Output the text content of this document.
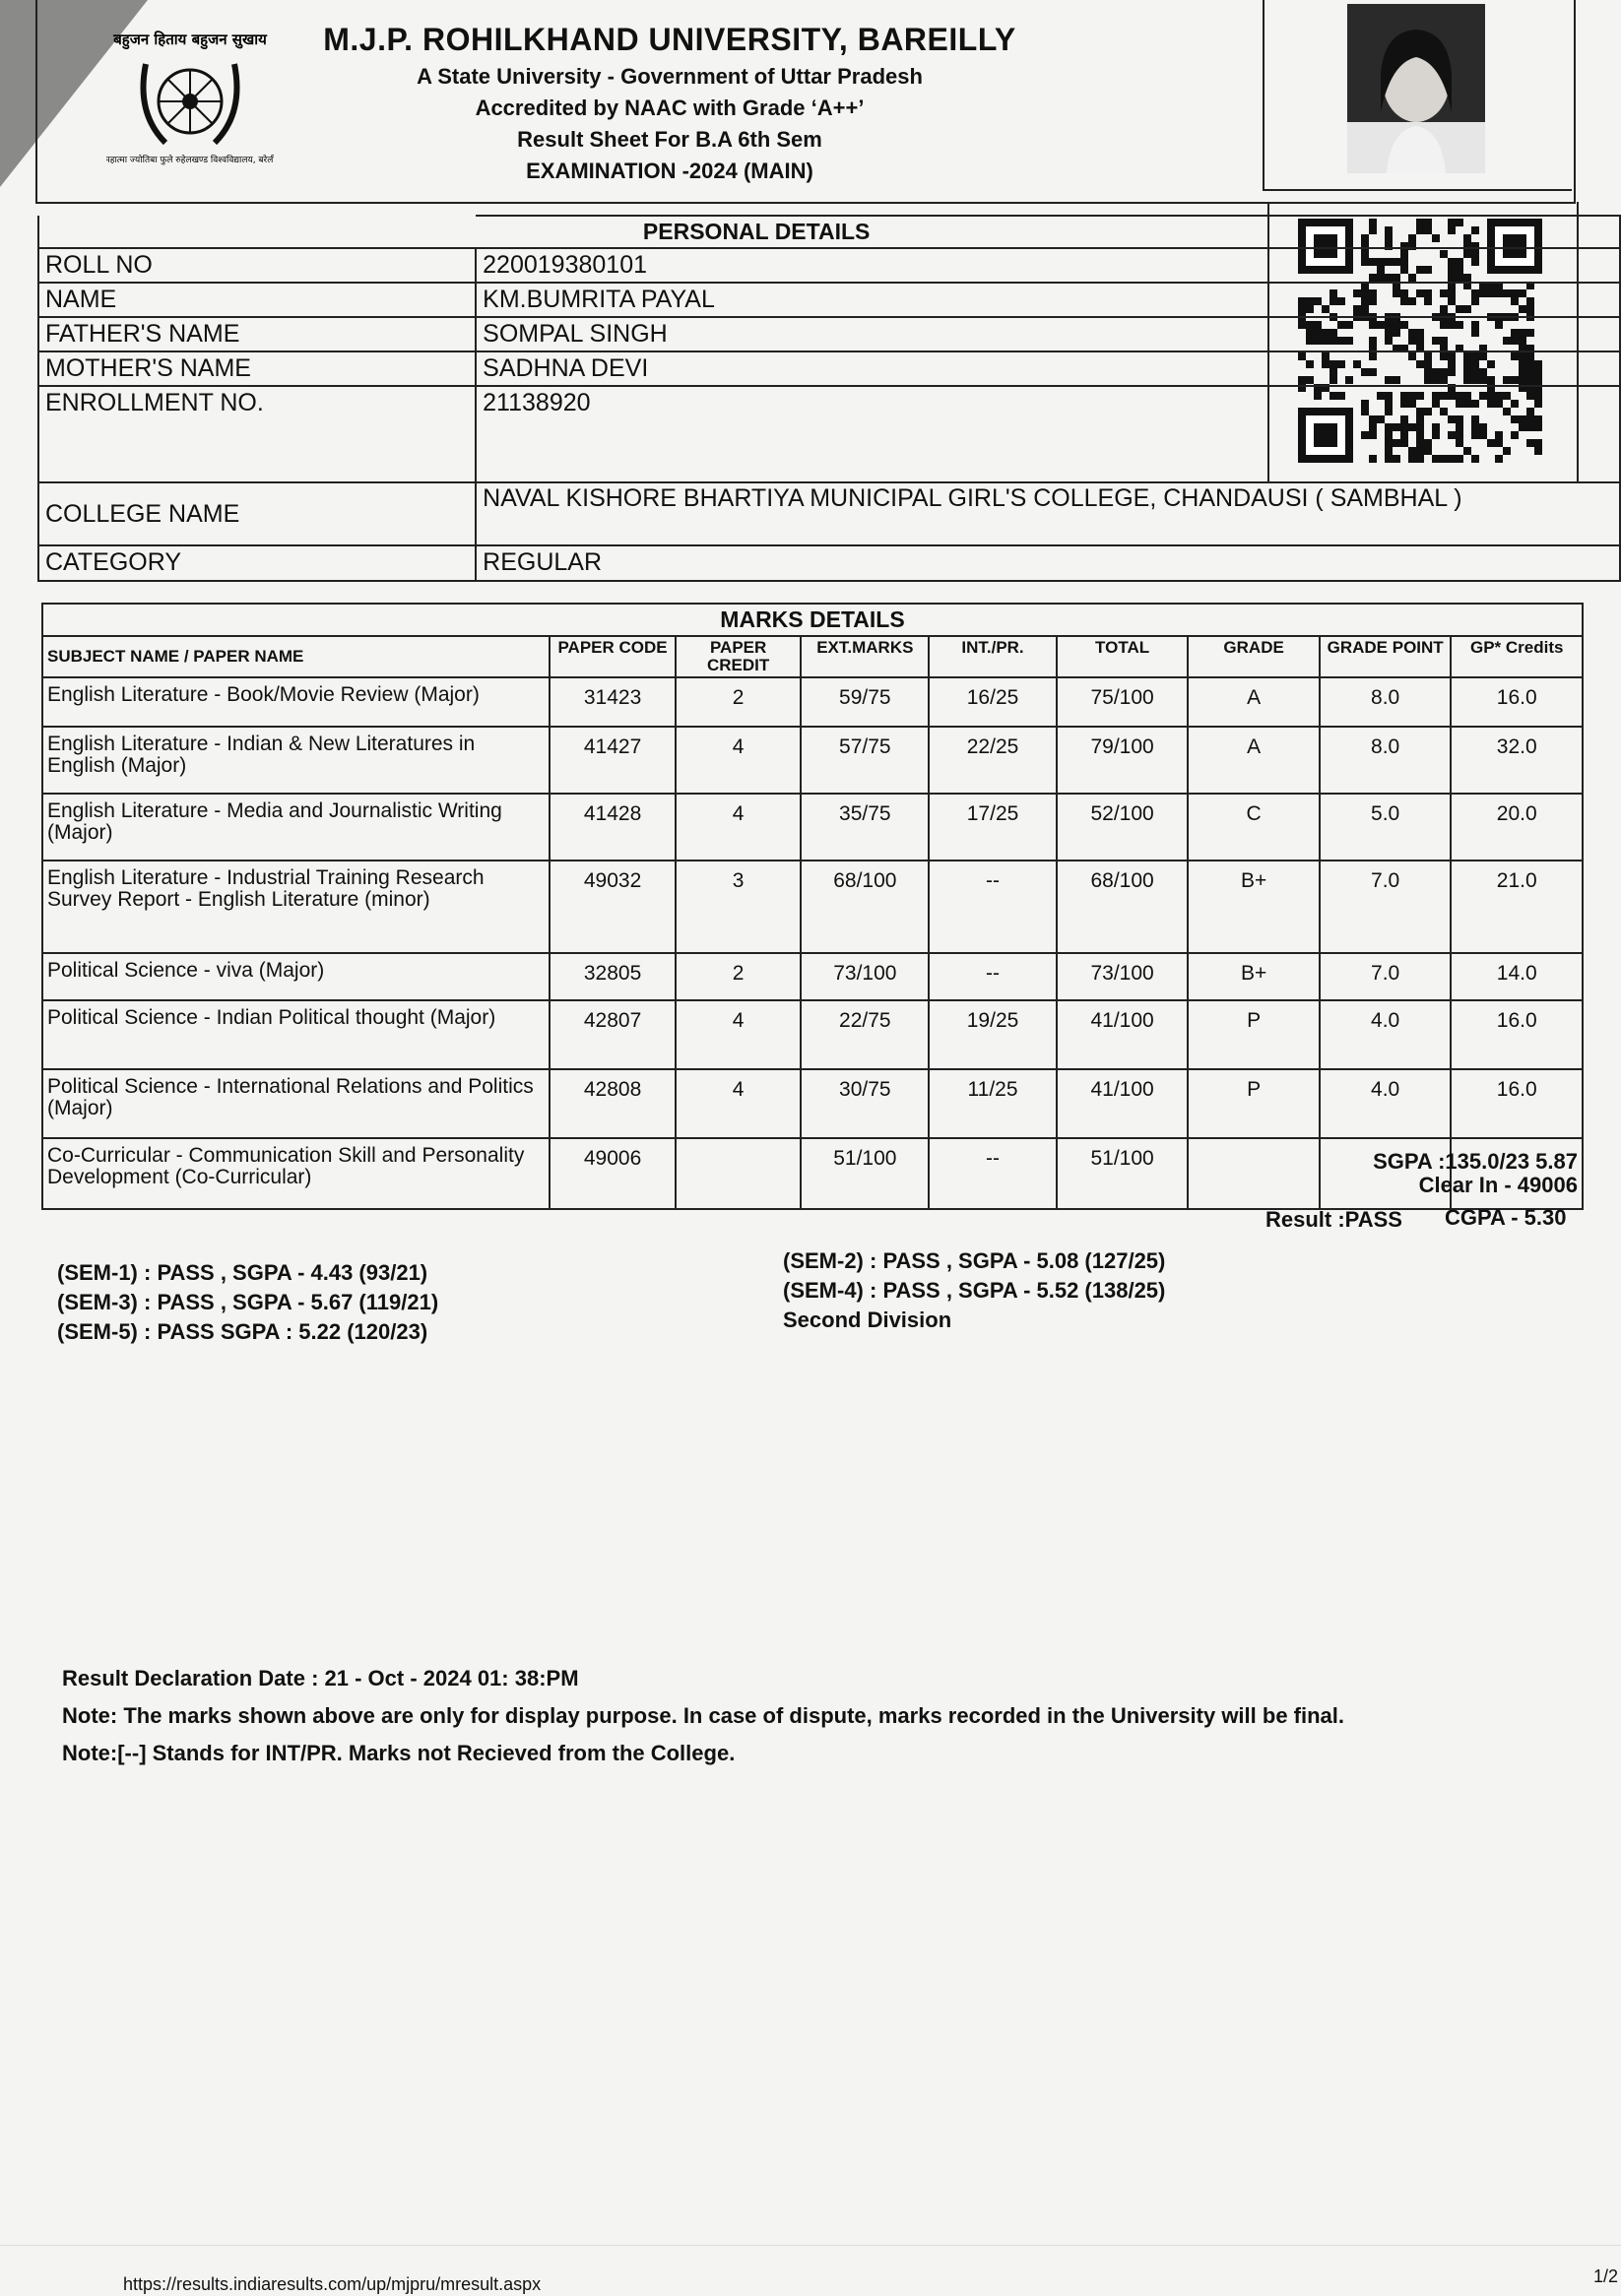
बहुजन हिताय बहुजन सुखाय
महात्मा ज्योतिबा फुले रुहेलखण्ड विश्वविद्यालय, बरेली
M.J.P. ROHILKHAND UNIVERSITY, BAREILLY
A State University - Government of Uttar Pradesh
Accredited by NAAC with Grade ‘A++’
Result Sheet For B.A 6th Sem
EXAMINATION -2024 (MAIN)
	PERSONAL DETAILS
ROLL NO	220019380101
NAME	KM.BUMRITA PAYAL
FATHER'S NAME	SOMPAL SINGH
MOTHER'S NAME	SADHNA DEVI
ENROLLMENT NO.	21138920
COLLEGE NAME	NAVAL KISHORE BHARTIYA MUNICIPAL GIRL'S COLLEGE, CHANDAUSI ( SAMBHAL )
CATEGORY	REGULAR
MARKS DETAILS								
SUBJECT NAME / PAPER NAME	PAPER CODE	PAPER CREDIT	EXT.MARKS	INT./PR.	TOTAL	GRADE	GRADE POINT	GP* Credits
English Literature - Book/Movie Review (Major)	31423	2	59/75	16/25	75/100	A	8.0	16.0
English Literature - Indian & New Literatures in English (Major)	41427	4	57/75	22/25	79/100	A	8.0	32.0
English Literature - Media and Journalistic Writing (Major)	41428	4	35/75	17/25	52/100	C	5.0	20.0
English Literature - Industrial Training Research Survey Report - English Literature (minor)	49032	3	68/100	--	68/100	B+	7.0	21.0
Political Science - viva (Major)	32805	2	73/100	--	73/100	B+	7.0	14.0
Political Science - Indian Political thought (Major)	42807	4	22/75	19/25	41/100	P	4.0	16.0
Political Science - International Relations and Politics (Major)	42808	4	30/75	11/25	41/100	P	4.0	16.0
Co-Curricular - Communication Skill and Personality Development (Co-Curricular)	49006		51/100	--	51/100				SGPA :135.0/23 5.87
Clear In - 49006
Result :PASS CGPA - 5.30
(SEM-1) : PASS , SGPA - 4.43 (93/21)
(SEM-3) : PASS , SGPA - 5.67 (119/21)
(SEM-5) : PASS SGPA : 5.22 (120/23)
(SEM-2) : PASS , SGPA - 5.08 (127/25)
(SEM-4) : PASS , SGPA - 5.52 (138/25)
Second Division
Result Declaration Date : 21 - Oct - 2024 01: 38:PM
Note: The marks shown above are only for display purpose. In case of dispute, marks recorded in the University will be final.
Note:[--] Stands for INT/PR. Marks not Recieved from the College.
https://results.indiaresults.com/up/mjpru/mresult.aspx	1/2
